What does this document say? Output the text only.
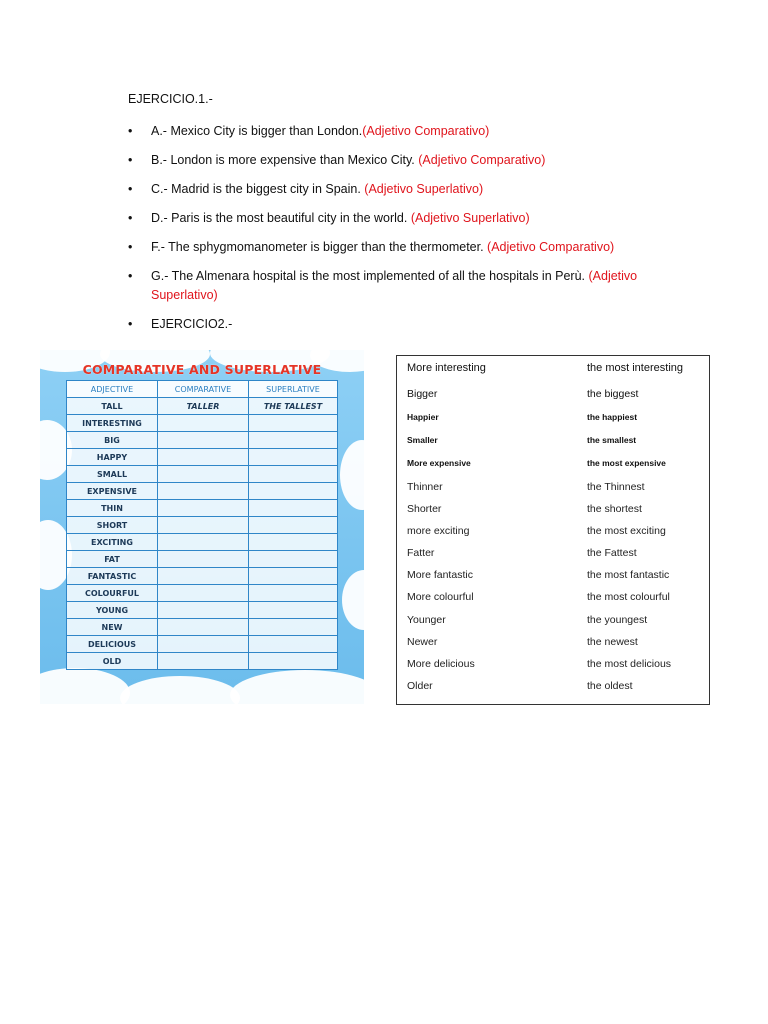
EJERCICIO.1.-
• A.- Mexico City is bigger than London.(Adjetivo Comparativo)
• B.- London is more expensive than Mexico City. (Adjetivo Comparativo)
• C.- Madrid is the biggest city in Spain. (Adjetivo Superlativo)
• D.- Paris is the most beautiful city in the world. (Adjetivo Superlativo)
• F.- The sphygmomanometer is bigger than the thermometer. (Adjetivo Comparativo)
• G.- The Almenara hospital is the most implemented of all the hospitals in Perù. (Adjetivo Superlativo)
• EJERCICIO2.-
COMPARATIVE AND SUPERLATIVE
ADJECTIVE	COMPARATIVE	SUPERLATIVE
TALL	TALLER	THE TALLEST
INTERESTING		
BIG		
HAPPY		
SMALL		
EXPENSIVE		
THIN		
SHORT		
EXCITING		
FAT		
FANTASTIC		
COLOURFUL		
YOUNG		
NEW		
DELICIOUS		
OLD		
More interesting	the most interesting
Bigger	the biggest
Happier	the happiest
Smaller	the smallest
More expensive	the most expensive
Thinner	the Thinnest
Shorter	the shortest
more exciting	the most exciting
Fatter	the Fattest
More fantastic	the most fantastic
More colourful	the most colourful
Younger	the youngest
Newer	the newest
More delicious	the most delicious
Older	the oldest
